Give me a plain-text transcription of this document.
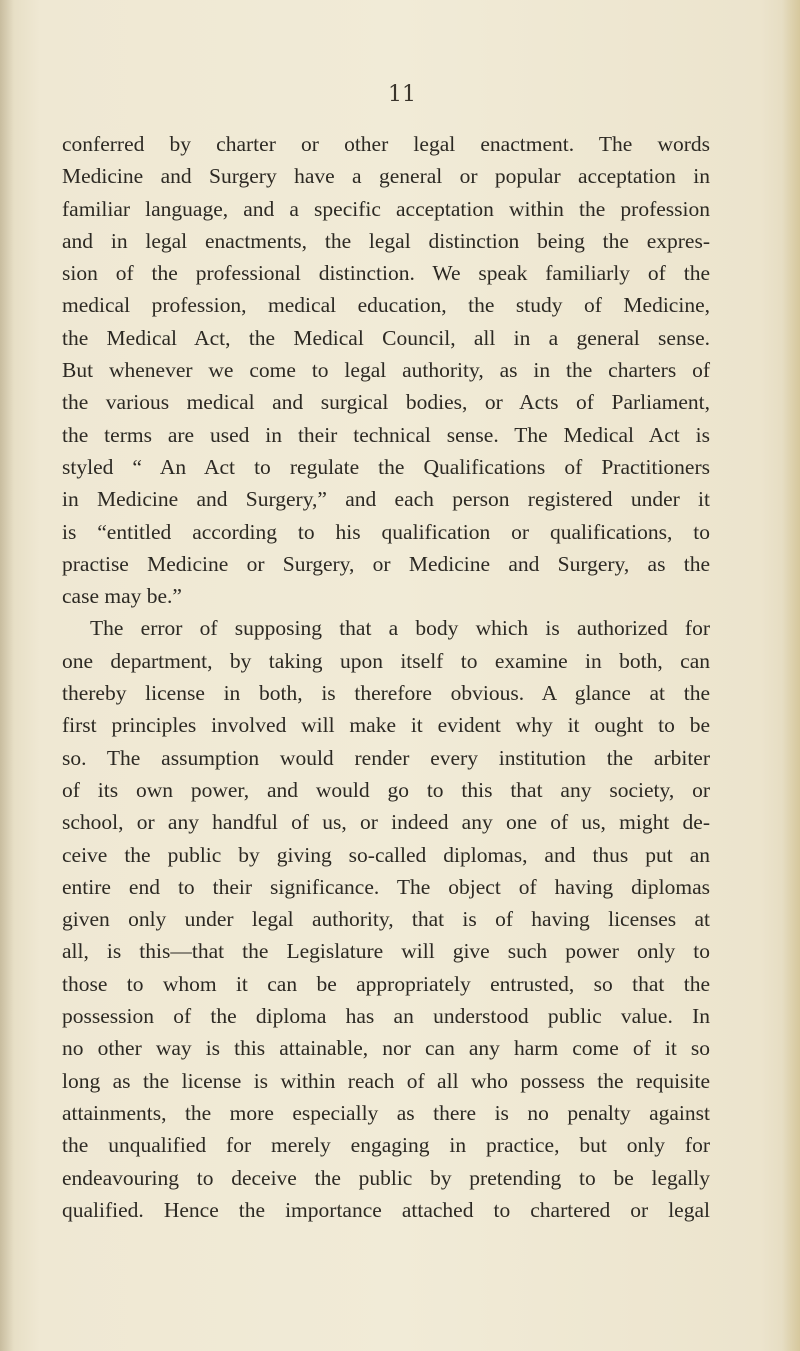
11
conferred by charter or other legal enactment. The words
Medicine and Surgery have a general or popular acceptation in
familiar language, and a specific acceptation within the profession
and in legal enactments, the legal distinction being the expres-
sion of the professional distinction. We speak familiarly of the
medical profession, medical education, the study of Medicine,
the Medical Act, the Medical Council, all in a general sense.
But whenever we come to legal authority, as in the charters of
the various medical and surgical bodies, or Acts of Parliament,
the terms are used in their technical sense. The Medical Act is
styled “ An Act to regulate the Qualifications of Practitioners
in Medicine and Surgery,” and each person registered under it
is “entitled according to his qualification or qualifications, to
practise Medicine or Surgery, or Medicine and Surgery, as the
case may be.”
The error of supposing that a body which is authorized for
one department, by taking upon itself to examine in both, can
thereby license in both, is therefore obvious. A glance at the
first principles involved will make it evident why it ought to be
so. The assumption would render every institution the arbiter
of its own power, and would go to this that any society, or
school, or any handful of us, or indeed any one of us, might de-
ceive the public by giving so-called diplomas, and thus put an
entire end to their significance. The object of having diplomas
given only under legal authority, that is of having licenses at
all, is this—that the Legislature will give such power only to
those to whom it can be appropriately entrusted, so that the
possession of the diploma has an understood public value. In
no other way is this attainable, nor can any harm come of it so
long as the license is within reach of all who possess the requisite
attainments, the more especially as there is no penalty against
the unqualified for merely engaging in practice, but only for
endeavouring to deceive the public by pretending to be legally
qualified. Hence the importance attached to chartered or legal
